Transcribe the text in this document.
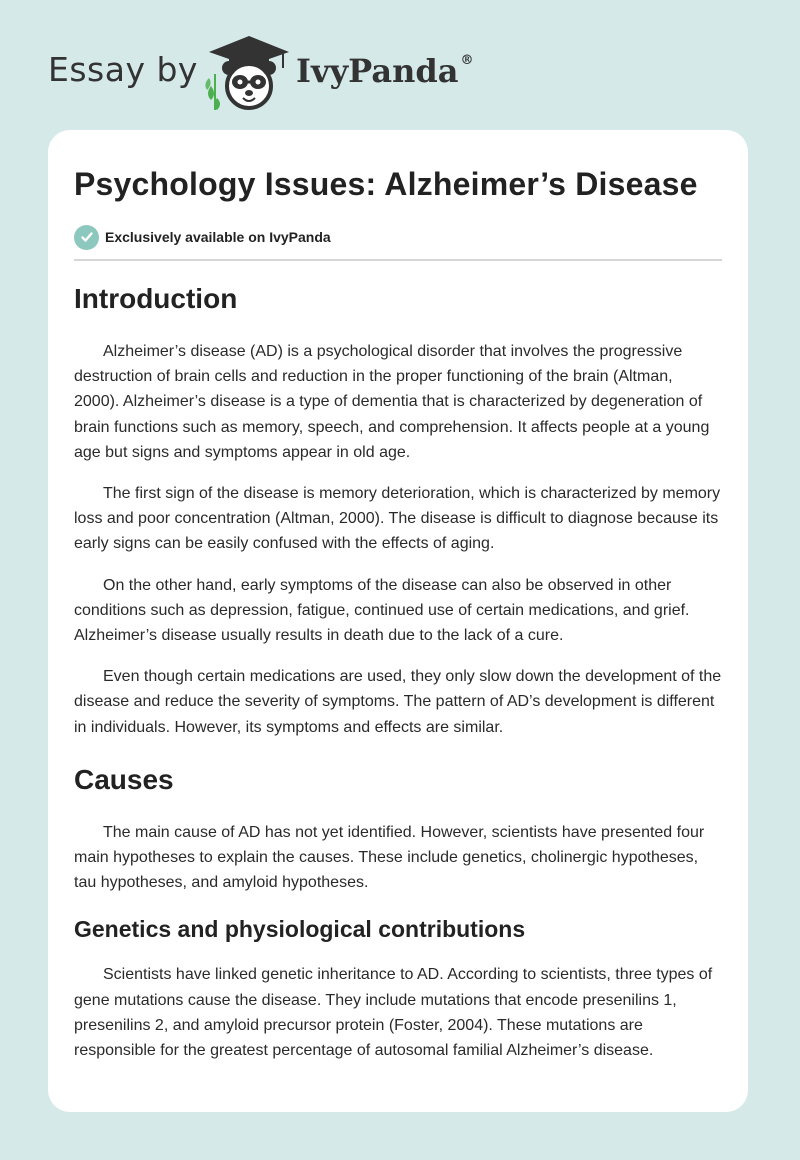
Essay by	IvyPanda ®
Psychology Issues: Alzheimer’s Disease
Exclusively available on IvyPanda
Introduction

Alzheimer’s disease (AD) is a psychological disorder that involves the progressive destruction of brain cells and reduction in the proper functioning of the brain (Altman, 2000). Alzheimer’s disease is a type of dementia that is characterized by degeneration of brain functions such as memory, speech, and comprehension. It affects people at a young age but signs and symptoms appear in old age.

The first sign of the disease is memory deterioration, which is characterized by memory loss and poor concentration (Altman, 2000). The disease is difficult to diagnose because its early signs can be easily confused with the effects of aging.

On the other hand, early symptoms of the disease can also be observed in other conditions such as depression, fatigue, continued use of certain medications, and grief. Alzheimer’s disease usually results in death due to the lack of a cure.

Even though certain medications are used, they only slow down the development of the disease and reduce the severity of symptoms. The pattern of AD’s development is different in individuals. However, its symptoms and effects are similar.

Causes

The main cause of AD has not yet identified. However, scientists have presented four main hypotheses to explain the causes. These include genetics, cholinergic hypotheses, tau hypotheses, and amyloid hypotheses.

Genetics and physiological contributions

Scientists have linked genetic inheritance to AD. According to scientists, three types of gene mutations cause the disease. They include mutations that encode presenilins 1, presenilins 2, and amyloid precursor protein (Foster, 2004). These mutations are responsible for the greatest percentage of autosomal familial Alzheimer’s disease.
